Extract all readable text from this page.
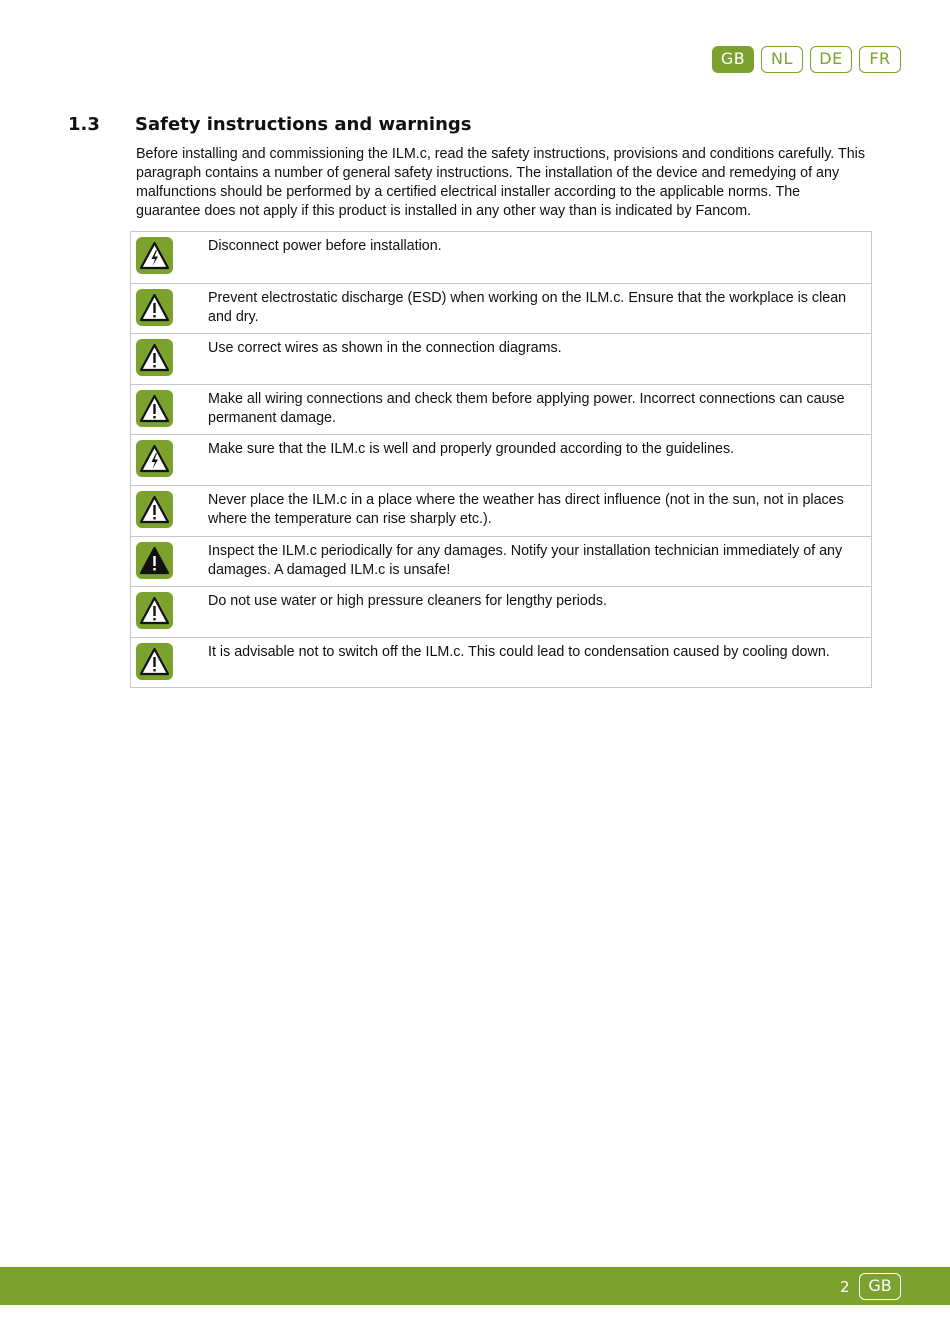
GB	NL	DE	FR
1.3 Safety instructions and warnings

Before installing and commissioning the ILM.c, read the safety instructions, provisions and conditions carefully. This paragraph contains a number of general safety instructions. The installation of the device and remedying of any malfunctions should be performed by a certified electrical installer according to the applicable norms. The guarantee does not apply if this product is installed in any other way than is indicated by Fancom.

Disconnect power before installation.
Prevent electrostatic discharge (ESD) when working on the ILM.c. Ensure that the workplace is clean and dry.
Use correct wires as shown in the connection diagrams.
Make all wiring connections and check them before applying power. Incorrect connections can cause permanent damage.
Make sure that the ILM.c is well and properly grounded according to the guidelines.
Never place the ILM.c in a place where the weather has direct influence (not in the sun, not in places where the temperature can rise sharply etc.).
Inspect the ILM.c periodically for any damages. Notify your installation technician immediately of any damages. A damaged ILM.c is unsafe!
Do not use water or high pressure cleaners for lengthy periods.
It is advisable not to switch off the ILM.c. This could lead to condensation caused by cooling down.
2	GB
